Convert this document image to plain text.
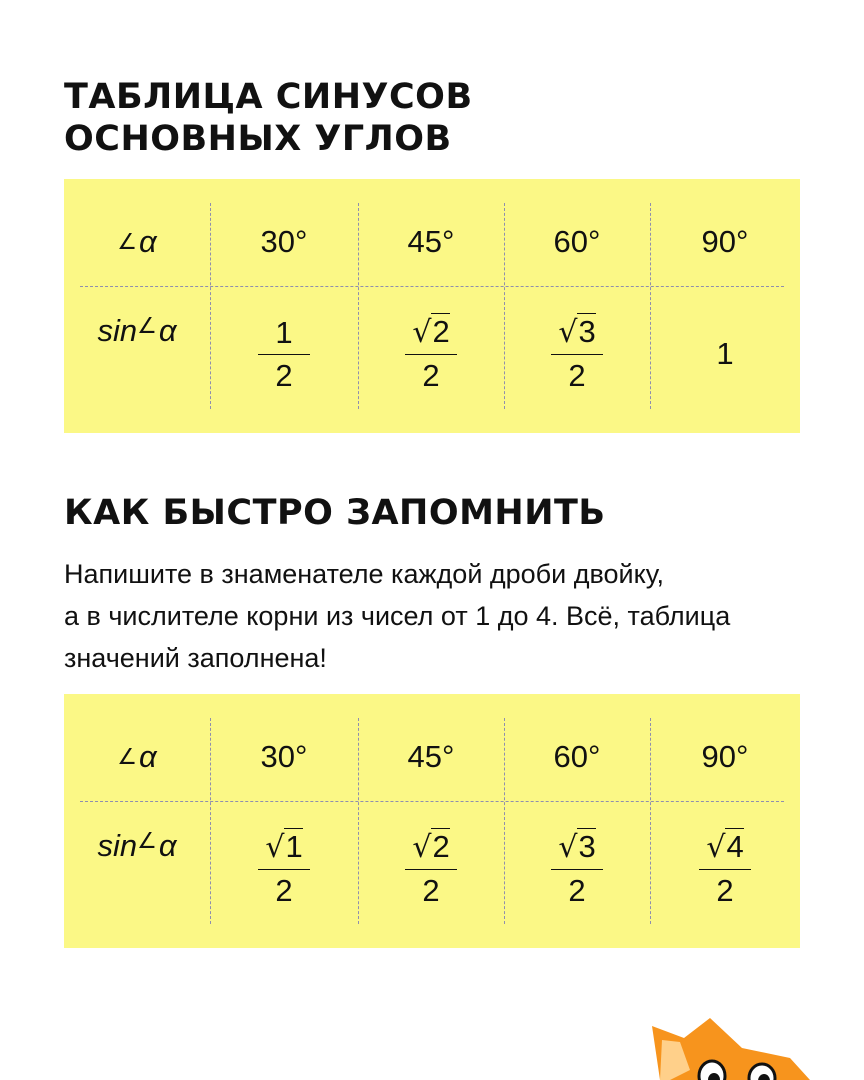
ТАБЛИЦА СИНУСОВ
ОСНОВНЫХ УГЛОВ
∠ α	30°	45°	60°	90°
sin ∠ α	$\frac{1}{2}$	$\frac{√2}{2}$	$\frac{√3}{2}$	1
КАК БЫСТРО ЗАПОМНИТЬ

Напишите в знаменателе каждой дроби двойку,
а в числителе корни из чисел от 1 до 4. Всё, таблица
значений заполнена!

∠ α	30°	45°	60°	90°
sin ∠ α	$\frac{√1}{2}$	$\frac{√2}{2}$	$\frac{√3}{2}$	$\frac{√4}{2}$
